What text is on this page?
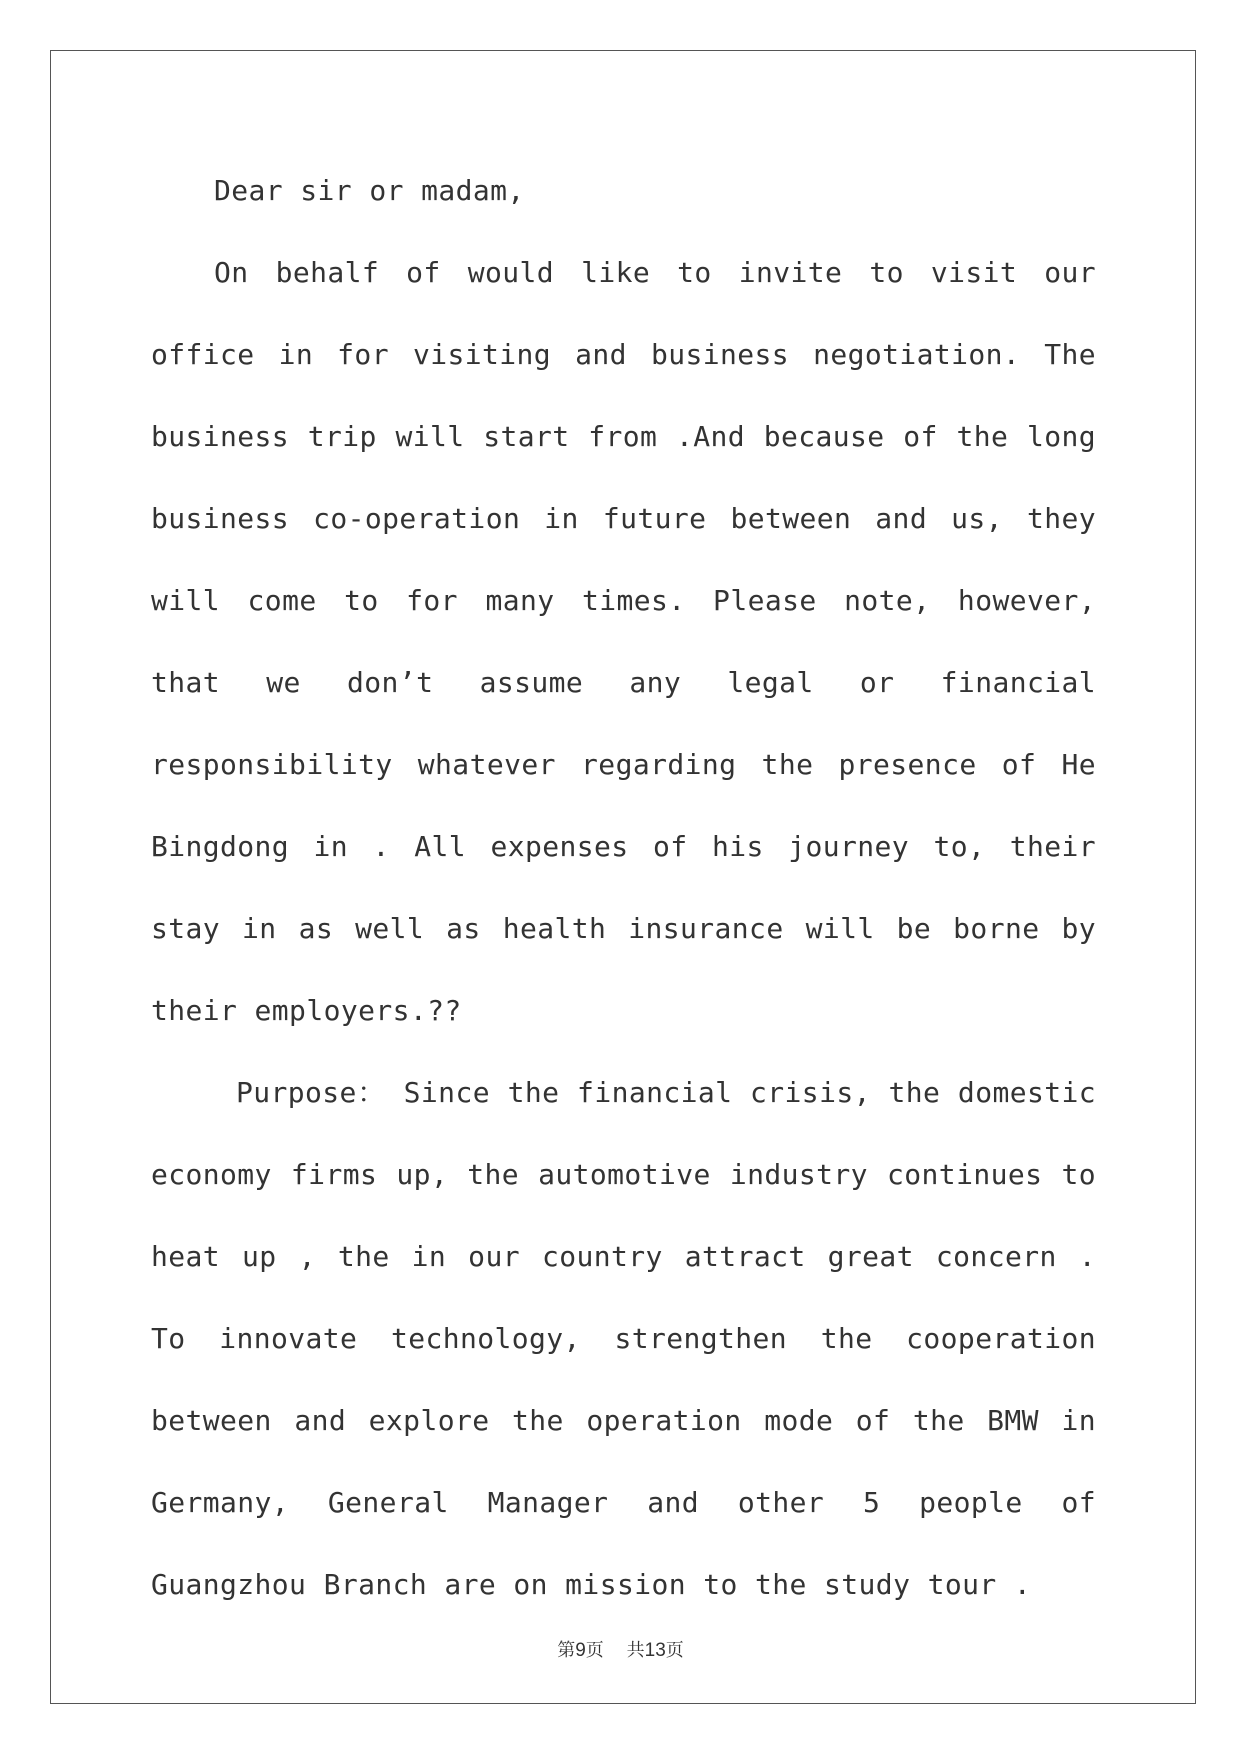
Dear sir or madam,

On behalf of would like to invite to visit our office in for visiting and business negotiation. The business trip will start from .And because of the long business co-operation in future between and us, they will come to for many times. Please note, however, that we don’t assume any legal or financial responsibility whatever regarding the presence of He Bingdong in . All expenses of his journey to, their stay in as well as health insurance will be borne by their employers.??

Purpose： Since the financial crisis, the domestic economy firms up, the automotive industry continues to heat up , the in our country attract great concern . To innovate technology, strengthen the cooperation between and explore the operation mode of the BMW in Germany, General Manager and other 5 people of Guangzhou Branch are on mission to the study tour .

第9页 共13页
